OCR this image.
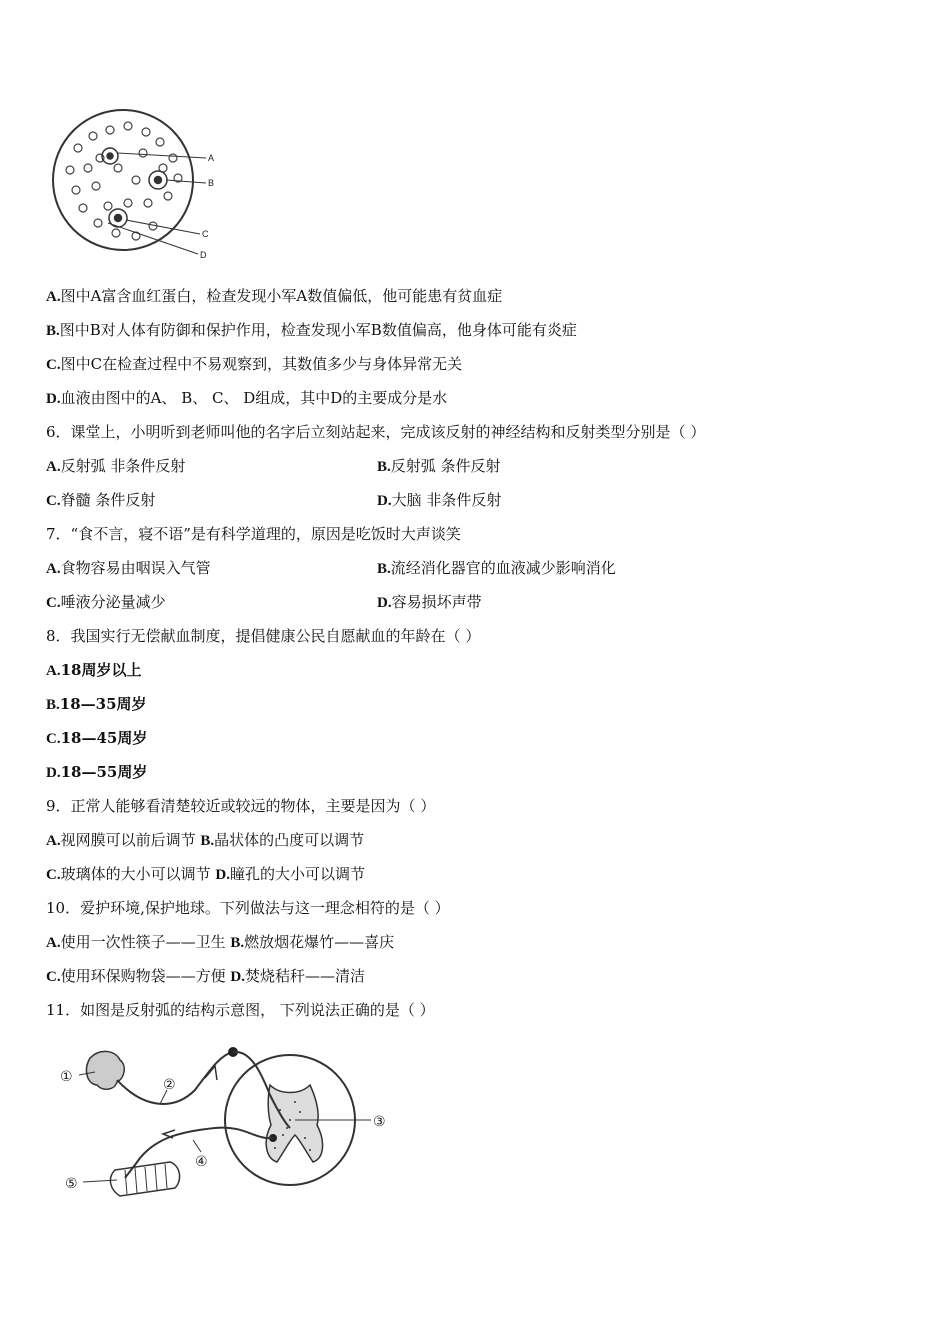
A
B
C
D
A.图中A富含血红蛋白，检查发现小军A数值偏低，他可能患有贫血症
B.图中B对人体有防御和保护作用，检查发现小军B数值偏高，他身体可能有炎症
C.图中C在检查过程中不易观察到，其数值多少与身体异常无关
D.血液由图中的A、 B、 C、 D组成，其中D的主要成分是水
6．课堂上，小明听到老师叫他的名字后立刻站起来，完成该反射的神经结构和反射类型分别是（ ）
A.反射弧 非条件反射	B.反射弧 条件反射
C.脊髓 条件反射	D.大脑 非条件反射
7．“食不言，寝不语”是有科学道理的，原因是吃饭时大声谈笑
A.食物容易由咽误入气管	B.流经消化器官的血液减少影响消化
C.唾液分泌量减少	D.容易损坏声带
8．我国实行无偿献血制度，提倡健康公民自愿献血的年龄在（ ）
A.18周岁以上
B.18—35周岁
C.18—45周岁
D.18—55周岁
9．正常人能够看清楚较近或较远的物体，主要是因为（ ）
A.视网膜可以前后调节 B.晶状体的凸度可以调节
C.玻璃体的大小可以调节 D.瞳孔的大小可以调节
10．爱护环境,保护地球。下列做法与这一理念相符的是（ ）
A.使用一次性筷子——卫生 B.燃放烟花爆竹——喜庆
C.使用环保购物袋——方便 D.焚烧秸秆——清洁
11．如图是反射弧的结构示意图， 下列说法正确的是（ ）
①	②
③
④
⑤
